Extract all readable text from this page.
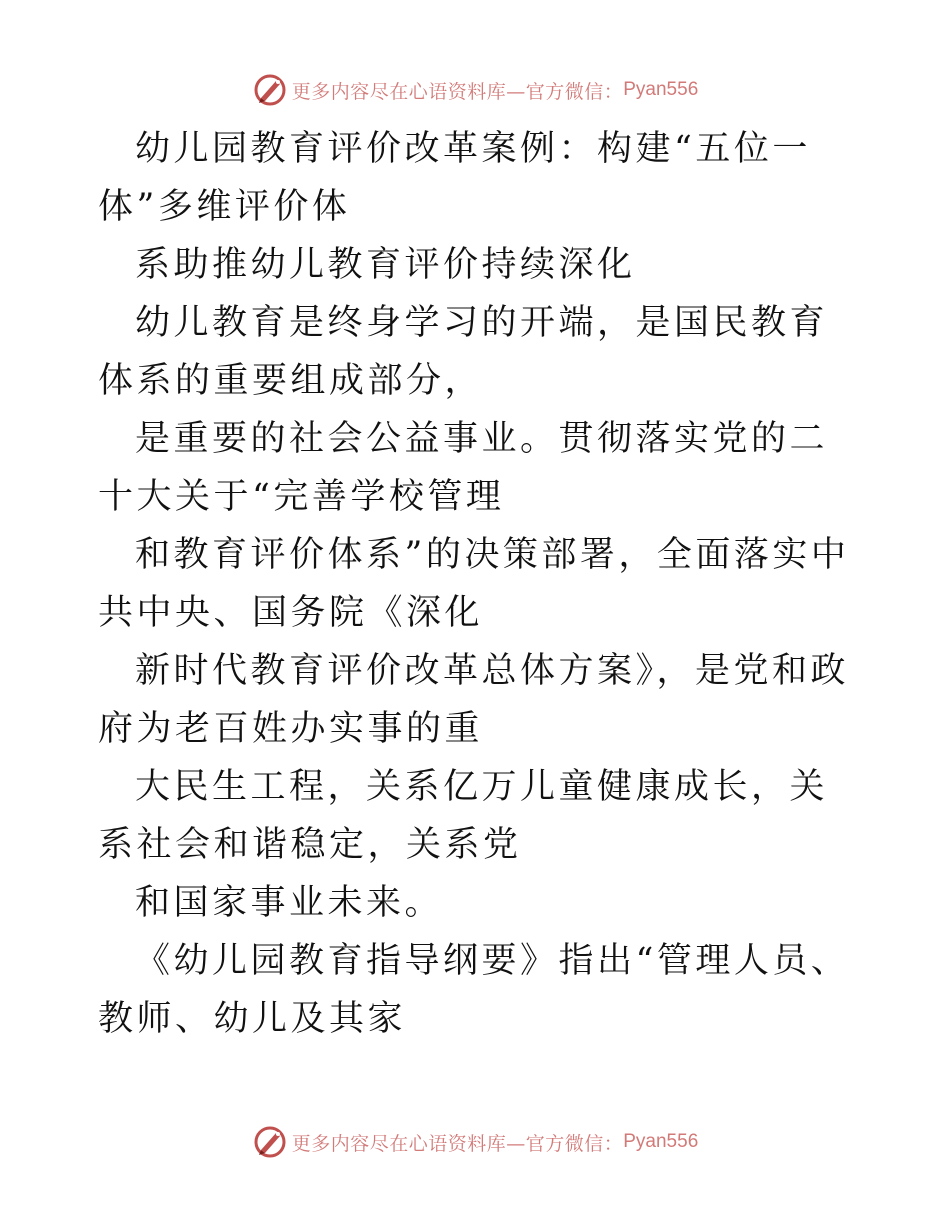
更多内容尽在心语资料库—官方微信： Pyan556

幼儿园教育评价改革案例：构建“五位一体”多维评价体

系助推幼儿教育评价持续深化

幼儿教育是终身学习的开端，是国民教育体系的重要组成部分，

是重要的社会公益事业。贯彻落实党的二十大关于“完善学校管理

和教育评价体系”的决策部署，全面落实中共中央、国务院《深化

新时代教育评价改革总体方案》，是党和政府为老百姓办实事的重

大民生工程，关系亿万儿童健康成长，关系社会和谐稳定，关系党

和国家事业未来。

《幼儿园教育指导纲要》指出“管理人员、教师、幼儿及其家

更多内容尽在心语资料库—官方微信： Pyan556
